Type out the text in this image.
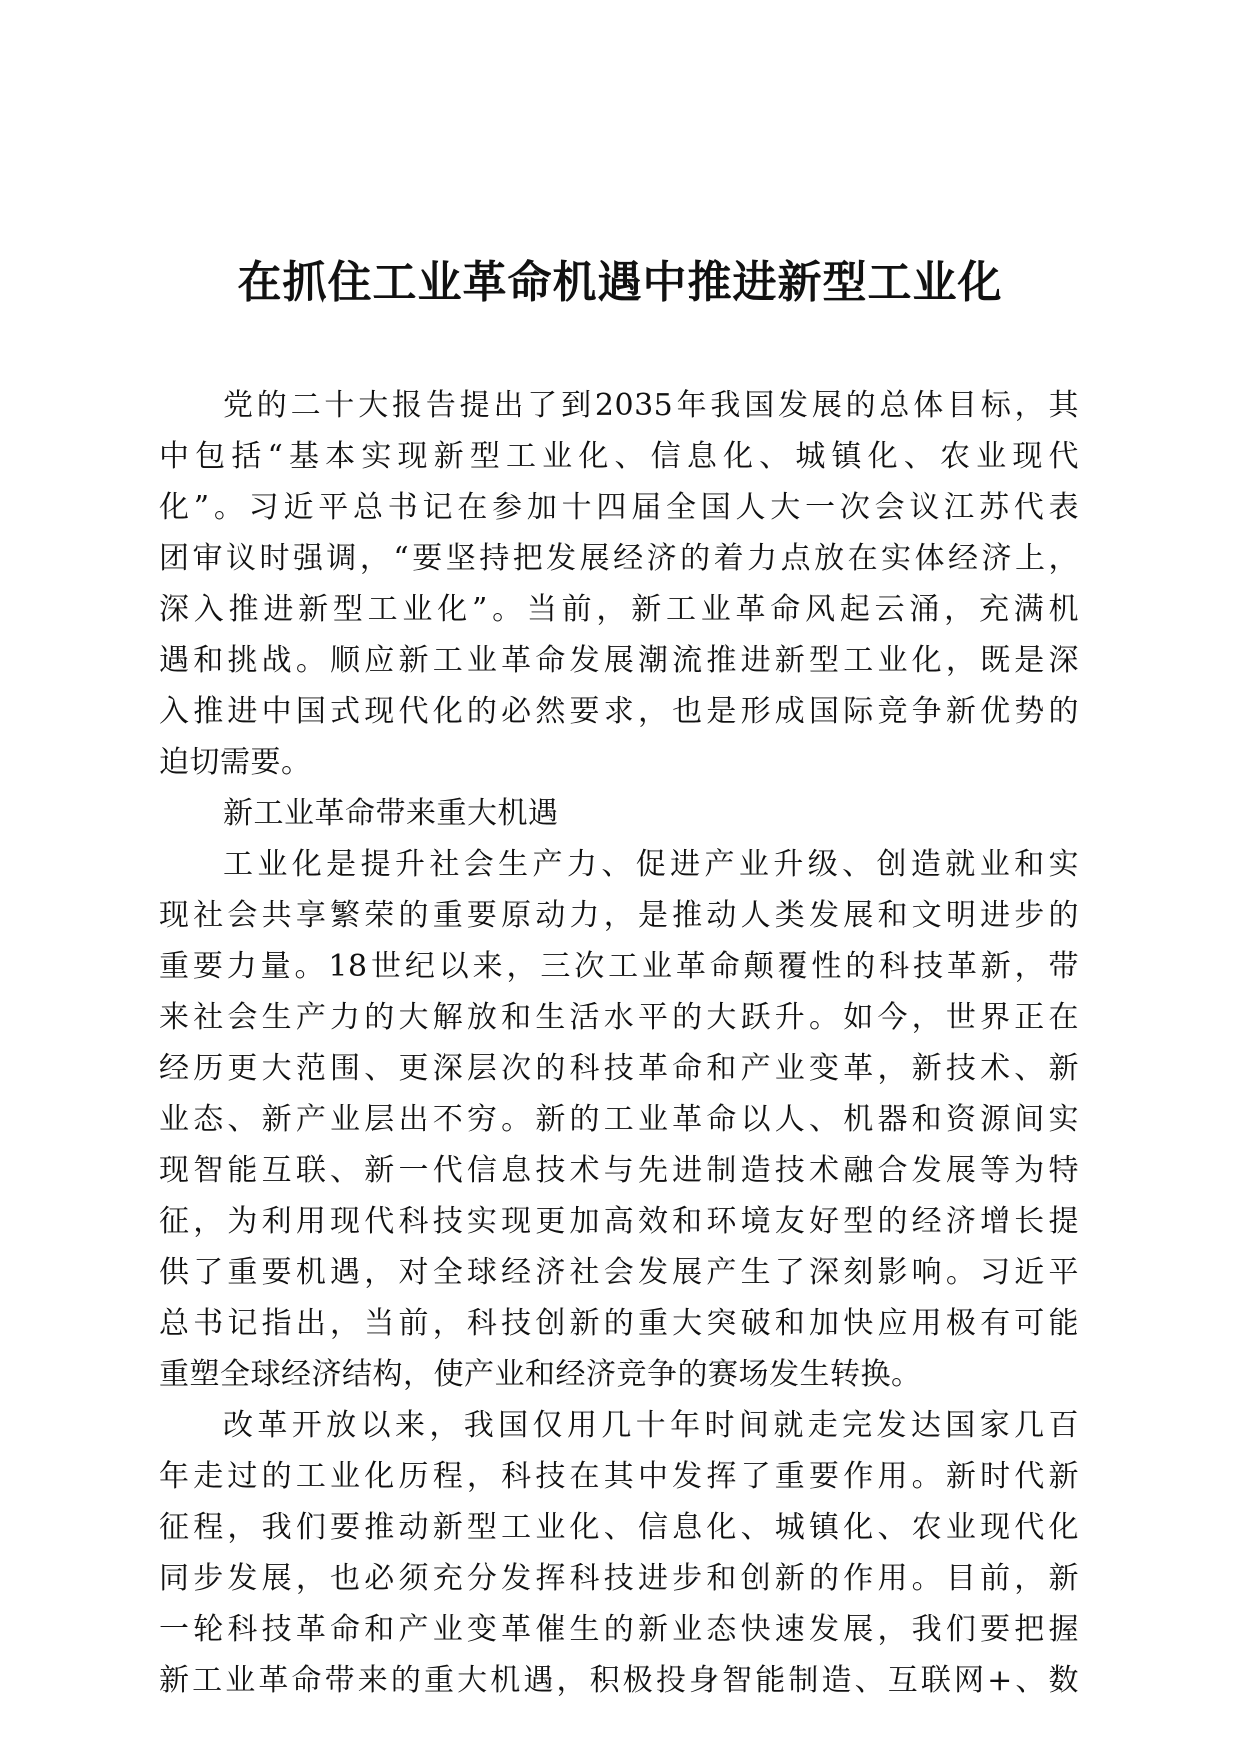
在抓住工业革命机遇中推进新型工业化
党的二十大报告提出了到2035年我国发展的总体目标，其
中包括“基本实现新型工业化、信息化、城镇化、农业现代
化”。习近平总书记在参加十四届全国人大一次会议江苏代表
团审议时强调，“要坚持把发展经济的着力点放在实体经济上，
深入推进新型工业化”。当前，新工业革命风起云涌，充满机
遇和挑战。顺应新工业革命发展潮流推进新型工业化，既是深
入推进中国式现代化的必然要求，也是形成国际竞争新优势的
迫切需要。
新工业革命带来重大机遇
工业化是提升社会生产力、促进产业升级、创造就业和实
现社会共享繁荣的重要原动力，是推动人类发展和文明进步的
重要力量。18世纪以来，三次工业革命颠覆性的科技革新，带
来社会生产力的大解放和生活水平的大跃升。如今，世界正在
经历更大范围、更深层次的科技革命和产业变革，新技术、新
业态、新产业层出不穷。新的工业革命以人、机器和资源间实
现智能互联、新一代信息技术与先进制造技术融合发展等为特
征，为利用现代科技实现更加高效和环境友好型的经济增长提
供了重要机遇，对全球经济社会发展产生了深刻影响。习近平
总书记指出，当前，科技创新的重大突破和加快应用极有可能
重塑全球经济结构，使产业和经济竞争的赛场发生转换。
改革开放以来，我国仅用几十年时间就走完发达国家几百
年走过的工业化历程，科技在其中发挥了重要作用。新时代新
征程，我们要推动新型工业化、信息化、城镇化、农业现代化
同步发展，也必须充分发挥科技进步和创新的作用。目前，新
一轮科技革命和产业变革催生的新业态快速发展，我们要把握
新工业革命带来的重大机遇，积极投身智能制造、互联网+、数
